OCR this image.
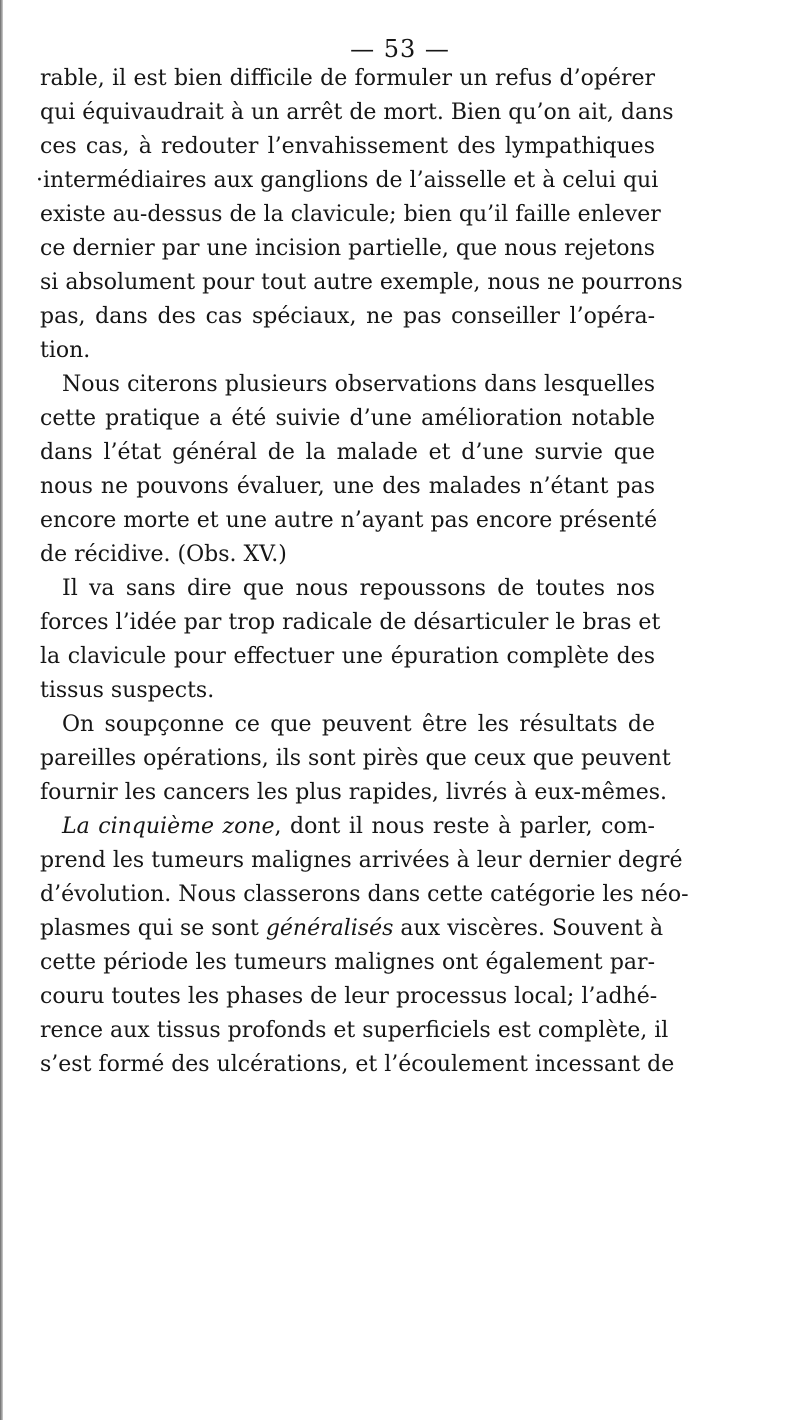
— 53 —
rable, il est bien difficile de formuler un refus d’opérer
qui équivaudrait à un arrêt de mort. Bien qu’on ait, dans
ces cas, à redouter l’envahissement des lympathiques
·intermédiaires aux ganglions de l’aisselle et à celui qui
existe au-dessus de la clavicule; bien qu’il faille enlever
ce dernier par une incision partielle, que nous rejetons
si absolument pour tout autre exemple, nous ne pourrons
pas, dans des cas spéciaux, ne pas conseiller l’opéra-
tion.
Nous citerons plusieurs observations dans lesquelles
cette pratique a été suivie d’une amélioration notable
dans l’état général de la malade et d’une survie que
nous ne pouvons évaluer, une des malades n’étant pas
encore morte et une autre n’ayant pas encore présenté
de récidive. (Obs. XV.)
Il va sans dire que nous repoussons de toutes nos
forces l’idée par trop radicale de désarticuler le bras et
la clavicule pour effectuer une épuration complète des
tissus suspects.
On soupçonne ce que peuvent être les résultats de
pareilles opérations, ils sont pirès que ceux que peuvent
fournir les cancers les plus rapides, livrés à eux-mêmes.
La cinquième zone, dont il nous reste à parler, com-
prend les tumeurs malignes arrivées à leur dernier degré
d’évolution. Nous classerons dans cette catégorie les néo-
plasmes qui se sont généralisés aux viscères. Souvent à
cette période les tumeurs malignes ont également par-
couru toutes les phases de leur processus local; l’adhé-
rence aux tissus profonds et superficiels est complète, il
s’est formé des ulcérations, et l’écoulement incessant de
